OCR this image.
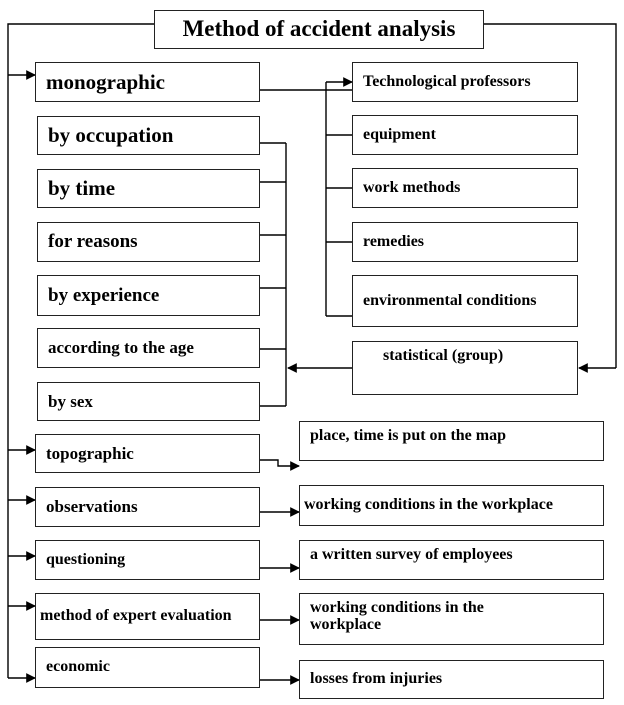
Method of accident analysis
monographic
by occupation
by time
for reasons
by experience
according to the age
by sex
topographic
observations
questioning
method of expert evaluation
economic
Technological professors
equipment
work methods
remedies
environmental conditions
statistical (group)
place, time is put on the map
working conditions in the workplace
a written survey of employees
working conditions in the workplace
losses from injuries
